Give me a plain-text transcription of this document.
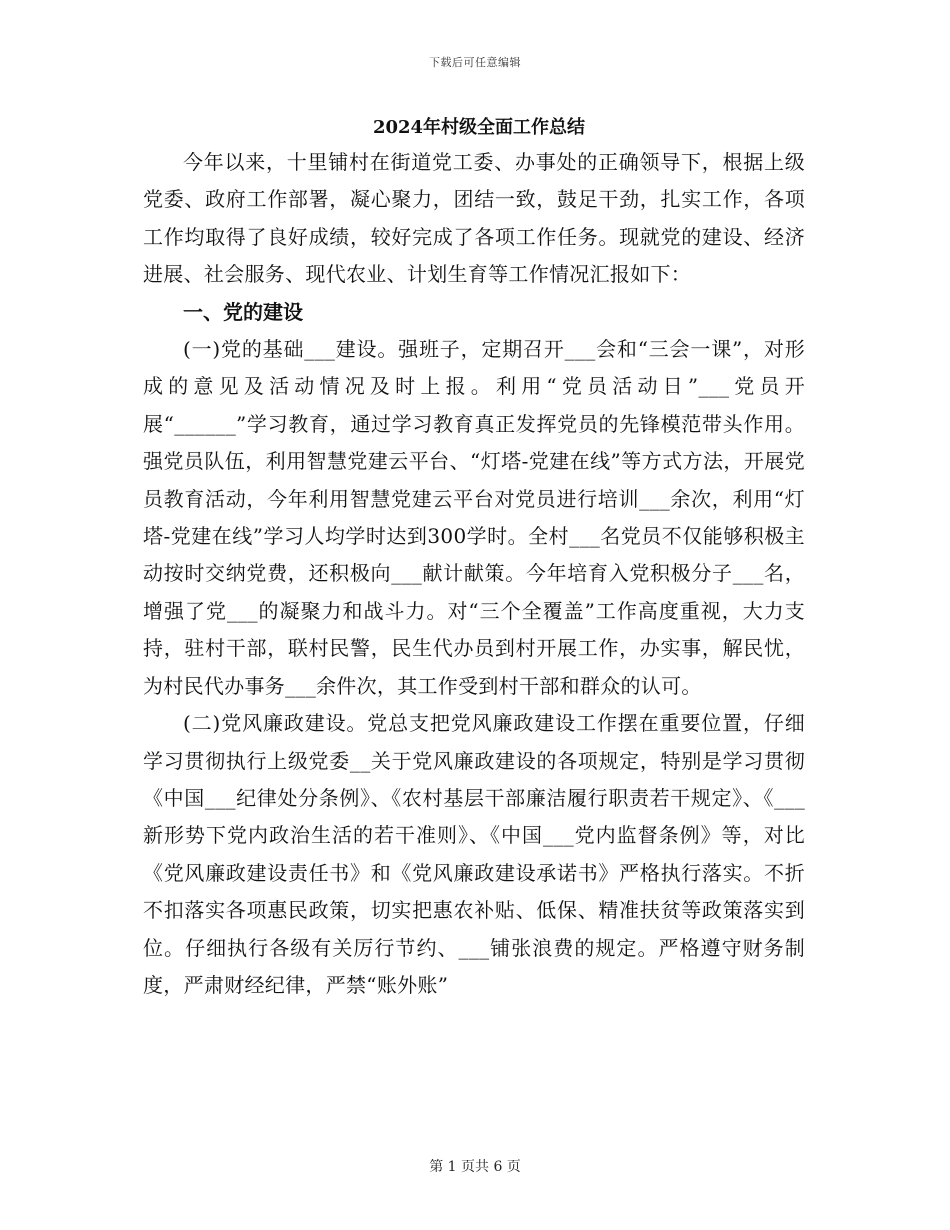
下载后可任意编辑
2024年村级全面工作总结

今年以来，十里铺村在街道党工委、办事处的正确领导下，根据上级党委、政府工作部署，凝心聚力，团结一致，鼓足干劲，扎实工作，各项工作均取得了良好成绩，较好完成了各项工作任务。现就党的建设、经济进展、社会服务、现代农业、计划生育等工作情况汇报如下：

一、党的建设

(一)党的基础___建设。强班子，定期召开___会和“三会一课”，对形成的意见及活动情况及时上报。利用“党员活动日”___党员开展“______”学习教育，通过学习教育真正发挥党员的先锋模范带头作用。强党员队伍，利用智慧党建云平台、“灯塔-党建在线”等方式方法，开展党员教育活动，今年利用智慧党建云平台对党员进行培训___余次，利用“灯塔-党建在线”学习人均学时达到300学时。全村___名党员不仅能够积极主动按时交纳党费，还积极向___献计献策。今年培育入党积极分子___名，增强了党___的凝聚力和战斗力。对“三个全覆盖”工作高度重视，大力支持，驻村干部，联村民警，民生代办员到村开展工作，办实事，解民忧，为村民代办事务___余件次，其工作受到村干部和群众的认可。

(二)党风廉政建设。党总支把党风廉政建设工作摆在重要位置，仔细学习贯彻执行上级党委__关于党风廉政建设的各项规定，特别是学习贯彻《中国___纪律处分条例》、《农村基层干部廉洁履行职责若干规定》、《___新形势下党内政治生活的若干准则》、《中国___党内监督条例》等，对比《党风廉政建设责任书》和《党风廉政建设承诺书》严格执行落实。不折不扣落实各项惠民政策，切实把惠农补贴、低保、精准扶贫等政策落实到位。仔细执行各级有关厉行节约、___铺张浪费的规定。严格遵守财务制度，严肃财经纪律，严禁“账外账”

第 1 页共 6 页
